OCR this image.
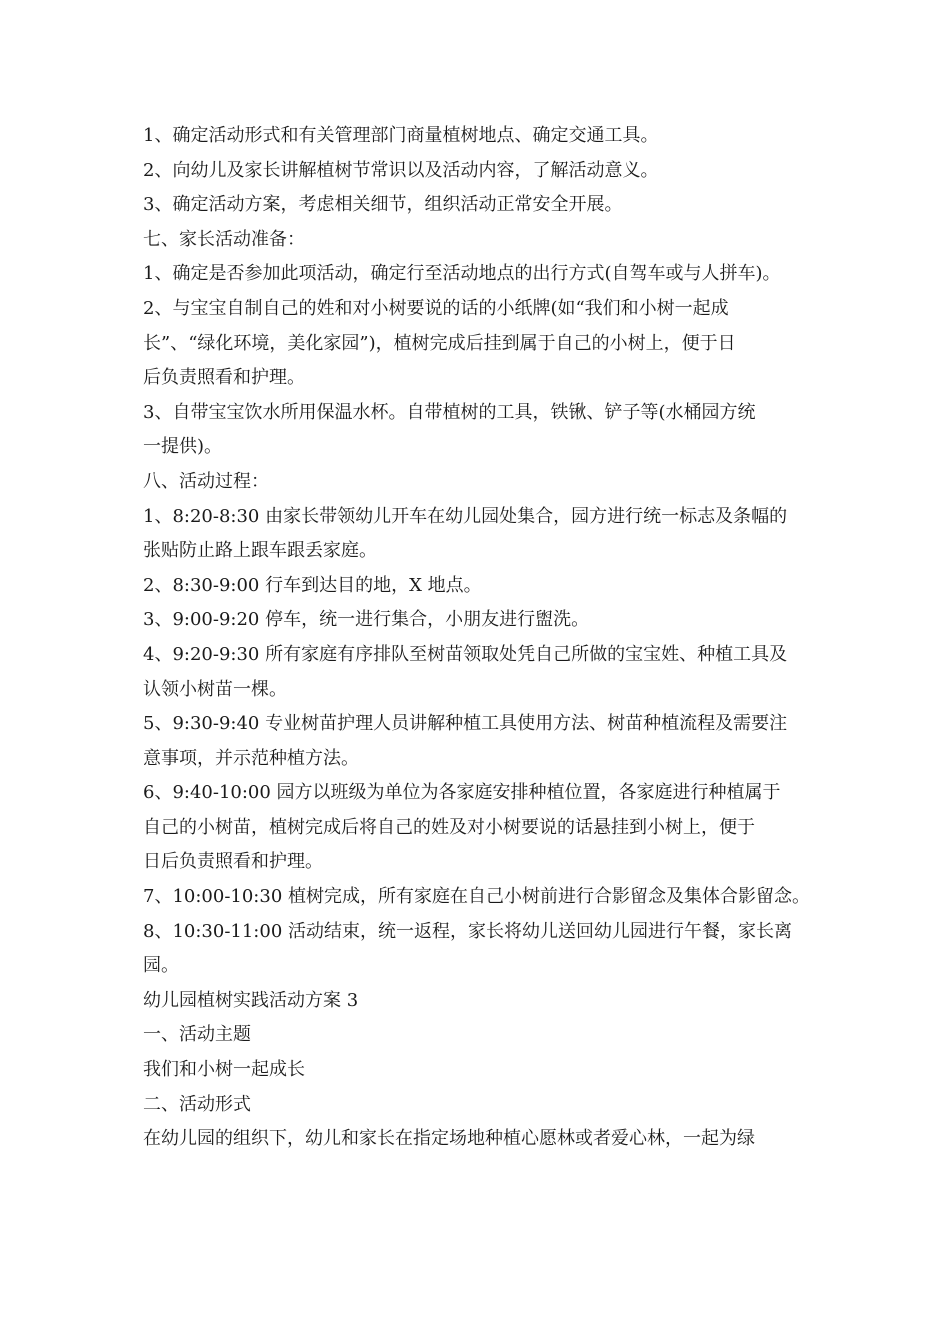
1、确定活动形式和有关管理部门商量植树地点、确定交通工具。

2、向幼儿及家长讲解植树节常识以及活动内容，了解活动意义。

3、确定活动方案，考虑相关细节，组织活动正常安全开展。

七、家长活动准备：

1、确定是否参加此项活动，确定行至活动地点的出行方式(自驾车或与人拼车)。

2、与宝宝自制自己的姓和对小树要说的话的小纸牌(如“我们和小树一起成

长”、“绿化环境，美化家园”)，植树完成后挂到属于自己的小树上，便于日

后负责照看和护理。

3、自带宝宝饮水所用保温水杯。自带植树的工具，铁锹、铲子等(水桶园方统

一提供)。

八、活动过程：

1、8:20-8:30 由家长带领幼儿开车在幼儿园处集合，园方进行统一标志及条幅的

张贴防止路上跟车跟丢家庭。

2、8:30-9:00 行车到达目的地，X 地点。

3、9:00-9:20 停车，统一进行集合，小朋友进行盥洗。

4、9:20-9:30 所有家庭有序排队至树苗领取处凭自己所做的宝宝姓、种植工具及

认领小树苗一棵。

5、9:30-9:40 专业树苗护理人员讲解种植工具使用方法、树苗种植流程及需要注

意事项，并示范种植方法。

6、9:40-10:00 园方以班级为单位为各家庭安排种植位置，各家庭进行种植属于

自己的小树苗，植树完成后将自己的姓及对小树要说的话悬挂到小树上，便于

日后负责照看和护理。

7、10:00-10:30 植树完成，所有家庭在自己小树前进行合影留念及集体合影留念。

8、10:30-11:00 活动结束，统一返程，家长将幼儿送回幼儿园进行午餐，家长离

园。

幼儿园植树实践活动方案 3

一、活动主题

我们和小树一起成长

二、活动形式

在幼儿园的组织下，幼儿和家长在指定场地种植心愿林或者爱心林，一起为绿
